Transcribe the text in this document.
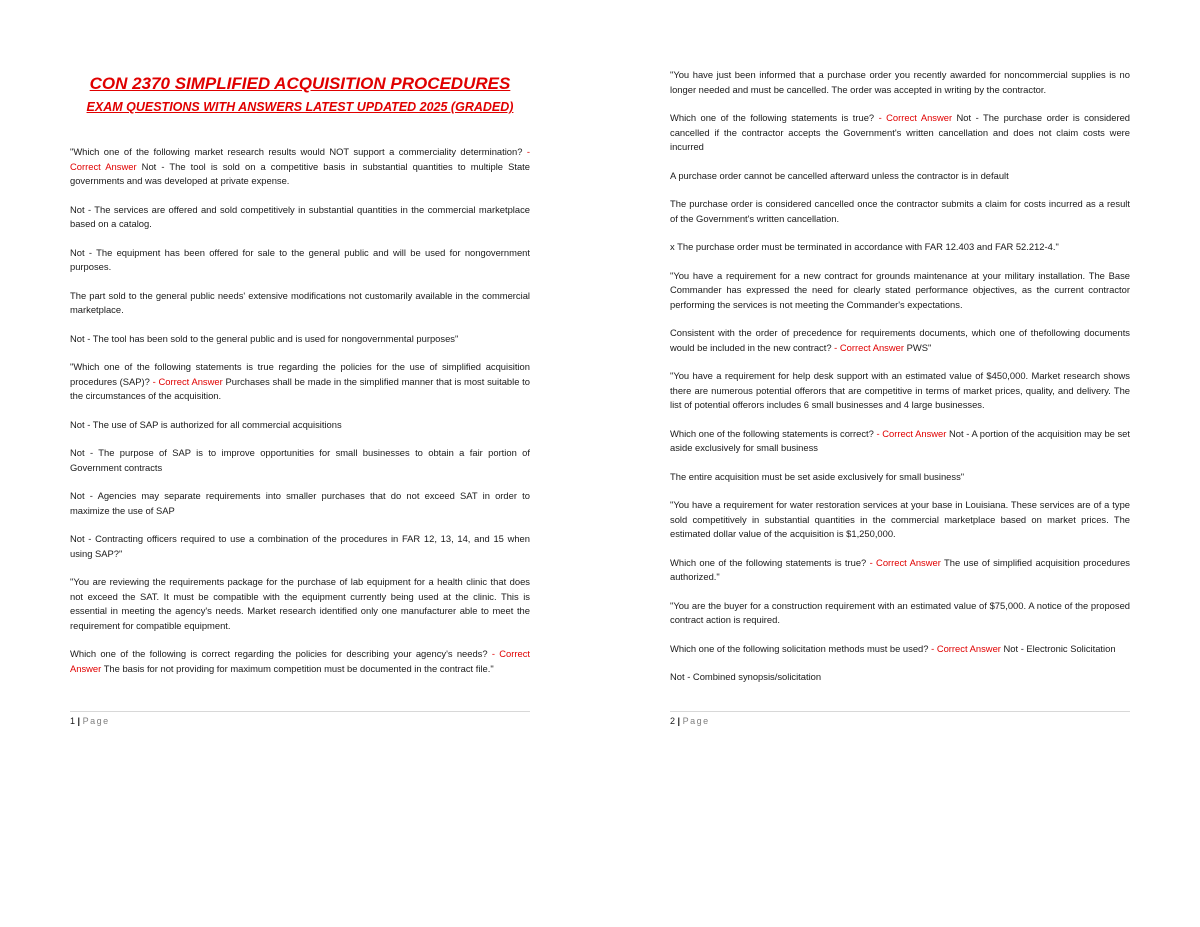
CON 2370 SIMPLIFIED ACQUISITION PROCEDURES

EXAM QUESTIONS WITH ANSWERS LATEST UPDATED 2025 (GRADED)

"Which one of the following market research results would NOT support a commerciality determination? - Correct Answer Not - The tool is sold on a competitive basis in substantial quantities to multiple State governments and was developed at private expense.

Not - The services are offered and sold competitively in substantial quantities in the commercial marketplace based on a catalog.

Not - The equipment has been offered for sale to the general public and will be used for nongovernment purposes.

The part sold to the general public needs' extensive modifications not customarily available in the commercial marketplace.

Not - The tool has been sold to the general public and is used for nongovernmental purposes"

"Which one of the following statements is true regarding the policies for the use of simplified acquisition procedures (SAP)? - Correct Answer Purchases shall be made in the simplified manner that is most suitable to the circumstances of the acquisition.

Not - The use of SAP is authorized for all commercial acquisitions

Not - The purpose of SAP is to improve opportunities for small businesses to obtain a fair portion of Government contracts

Not - Agencies may separate requirements into smaller purchases that do not exceed SAT in order to maximize the use of SAP

Not - Contracting officers required to use a combination of the procedures in FAR 12, 13, 14, and 15 when using SAP?"

"You are reviewing the requirements package for the purchase of lab equipment for a health clinic that does not exceed the SAT. It must be compatible with the equipment currently being used at the clinic. This is essential in meeting the agency's needs. Market research identified only one manufacturer able to meet the requirement for compatible equipment.

Which one of the following is correct regarding the policies for describing your agency's needs? - Correct Answer The basis for not providing for maximum competition must be documented in the contract file."

1 | Page

"You have just been informed that a purchase order you recently awarded for noncommercial supplies is no longer needed and must be cancelled. The order was accepted in writing by the contractor.

Which one of the following statements is true? - Correct Answer Not - The purchase order is considered cancelled if the contractor accepts the Government's written cancellation and does not claim costs were incurred

A purchase order cannot be cancelled afterward unless the contractor is in default

The purchase order is considered cancelled once the contractor submits a claim for costs incurred as a result of the Government's written cancellation.

x The purchase order must be terminated in accordance with FAR 12.403 and FAR 52.212-4."

"You have a requirement for a new contract for grounds maintenance at your military installation. The Base Commander has expressed the need for clearly stated performance objectives, as the current contractor performing the services is not meeting the Commander's expectations.

Consistent with the order of precedence for requirements documents, which one of thefollowing documents would be included in the new contract? - Correct Answer PWS"

"You have a requirement for help desk support with an estimated value of $450,000. Market research shows there are numerous potential offerors that are competitive in terms of market prices, quality, and delivery. The list of potential offerors includes 6 small businesses and 4 large businesses.

Which one of the following statements is correct? - Correct Answer Not - A portion of the acquisition may be set aside exclusively for small business

The entire acquisition must be set aside exclusively for small business"

"You have a requirement for water restoration services at your base in Louisiana. These services are of a type sold competitively in substantial quantities in the commercial marketplace based on market prices. The estimated dollar value of the acquisition is $1,250,000.

Which one of the following statements is true? - Correct Answer The use of simplified acquisition procedures authorized."

"You are the buyer for a construction requirement with an estimated value of $75,000. A notice of the proposed contract action is required.

Which one of the following solicitation methods must be used? - Correct Answer Not - Electronic Solicitation

Not - Combined synopsis/solicitation

2 | Page
